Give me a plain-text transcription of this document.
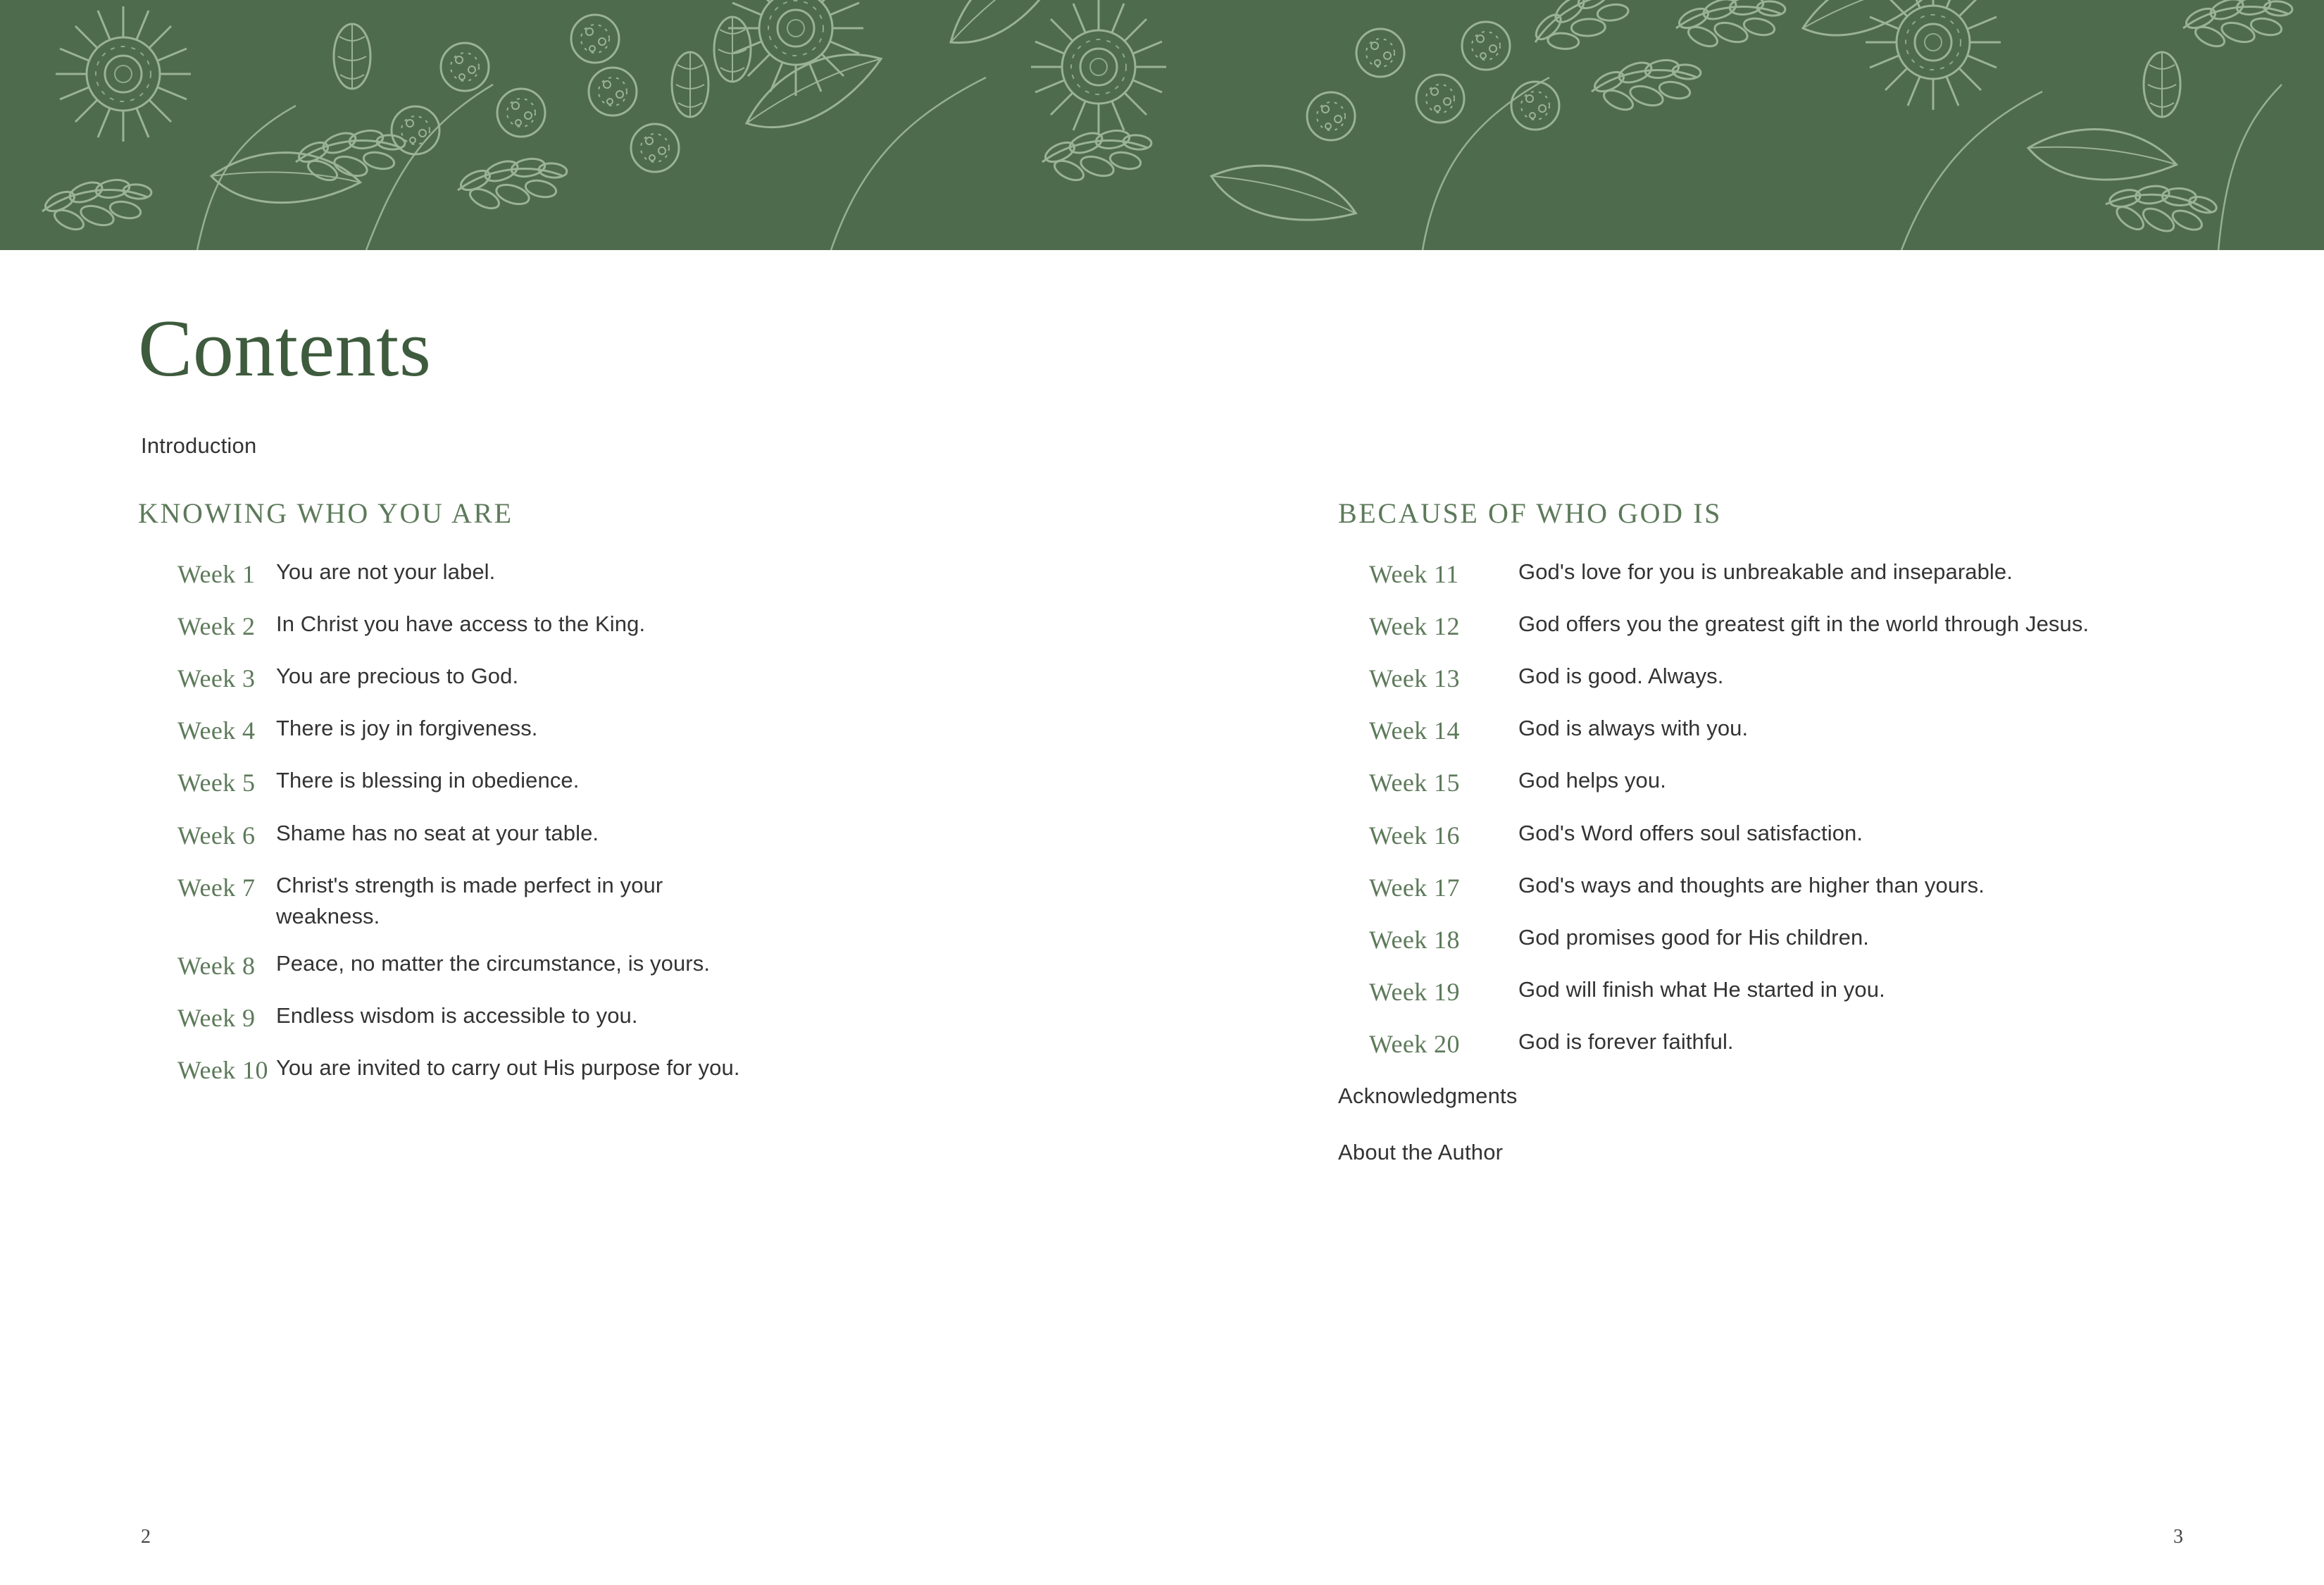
Contents
Introduction
KNOWING WHO YOU ARE
Week 1 You are not your label.
Week 2 In Christ you have access to the King.
Week 3 You are precious to God.
Week 4 There is joy in forgiveness.
Week 5 There is blessing in obedience.
Week 6 Shame has no seat at your table.
Week 7 Christ's strength is made perfect in your weakness.
Week 8 Peace, no matter the circumstance, is yours.
Week 9 Endless wisdom is accessible to you.
Week 10 You are invited to carry out His purpose for you.
BECAUSE OF WHO GOD IS
Week 11	God's love for you is unbreakable and inseparable.
Week 12	God offers you the greatest gift in the world through Jesus.
Week 13	God is good. Always.
Week 14	God is always with you.
Week 15	God helps you.
Week 16	God's Word offers soul satisfaction.
Week 17	God's ways and thoughts are higher than yours.
Week 18	God promises good for His children.
Week 19	God will finish what He started in you.
Week 20	God is forever faithful.
Acknowledgments
About the Author
2	3
